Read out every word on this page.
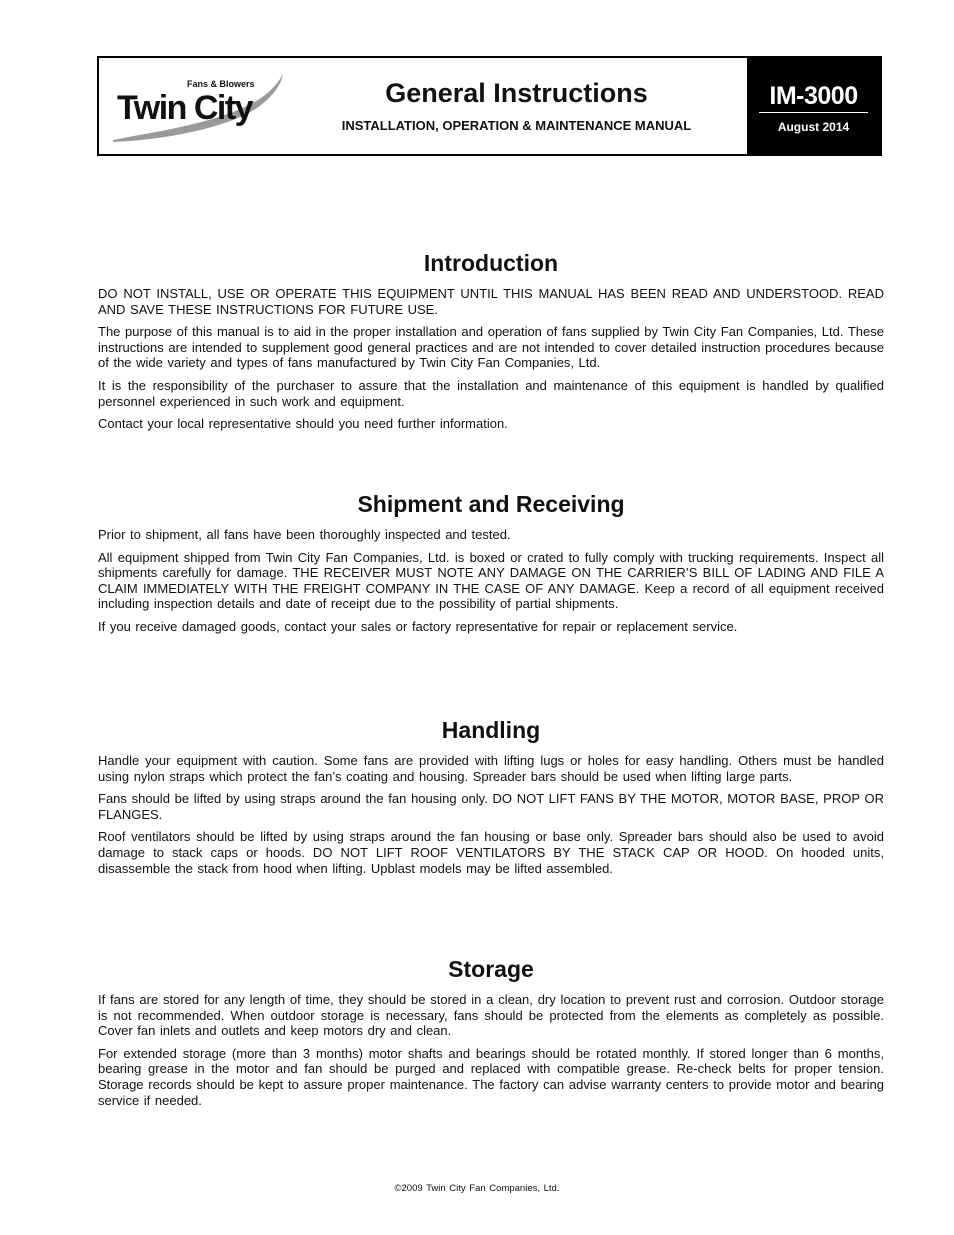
Fans & Blowers
Twin City	General Instructions
INSTALLATION, OPERATION & MAINTENANCE MANUAL
IM-3000
August 2014
Introduction

DO NOT INSTALL, USE OR OPERATE THIS EQUIPMENT UNTIL THIS MANUAL HAS BEEN READ AND UNDERSTOOD. READ AND SAVE THESE INSTRUCTIONS FOR FUTURE USE.

The purpose of this manual is to aid in the proper installation and operation of fans supplied by Twin City Fan Companies, Ltd. These instructions are intended to supplement good general practices and are not intended to cover detailed instruction procedures because of the wide variety and types of fans manufactured by Twin City Fan Companies, Ltd.

It is the responsibility of the purchaser to assure that the installation and maintenance of this equipment is handled by qualified personnel experienced in such work and equipment.

Contact your local representative should you need further information.

Shipment and Receiving

Prior to shipment, all fans have been thoroughly inspected and tested.

All equipment shipped from Twin City Fan Companies, Ltd. is boxed or crated to fully comply with trucking requirements. Inspect all shipments carefully for damage. THE RECEIVER MUST NOTE ANY DAMAGE ON THE CARRIER’S BILL OF LADING AND FILE A CLAIM IMMEDIATELY WITH THE FREIGHT COMPANY IN THE CASE OF ANY DAMAGE. Keep a record of all equipment received including inspection details and date of receipt due to the possibility of partial shipments.

If you receive damaged goods, contact your sales or factory representative for repair or replacement service.

Handling

Handle your equipment with caution. Some fans are provided with lifting lugs or holes for easy handling. Others must be handled using nylon straps which protect the fan’s coating and housing. Spreader bars should be used when lifting large parts.

Fans should be lifted by using straps around the fan housing only. DO NOT LIFT FANS BY THE MOTOR, MOTOR BASE, PROP OR FLANGES.

Roof ventilators should be lifted by using straps around the fan housing or base only. Spreader bars should also be used to avoid damage to stack caps or hoods. DO NOT LIFT ROOF VENTILATORS BY THE STACK CAP OR HOOD. On hooded units, disassemble the stack from hood when lifting. Upblast models may be lifted assembled.

Storage

If fans are stored for any length of time, they should be stored in a clean, dry location to prevent rust and corrosion. Outdoor storage is not recommended. When outdoor storage is necessary, fans should be protected from the elements as completely as possible. Cover fan inlets and outlets and keep motors dry and clean.

For extended storage (more than 3 months) motor shafts and bearings should be rotated monthly. If stored longer than 6 months, bearing grease in the motor and fan should be purged and replaced with compatible grease. Re-check belts for proper tension. Storage records should be kept to assure proper maintenance. The factory can advise warranty centers to provide motor and bearing service if needed.

©2009 Twin City Fan Companies, Ltd.
